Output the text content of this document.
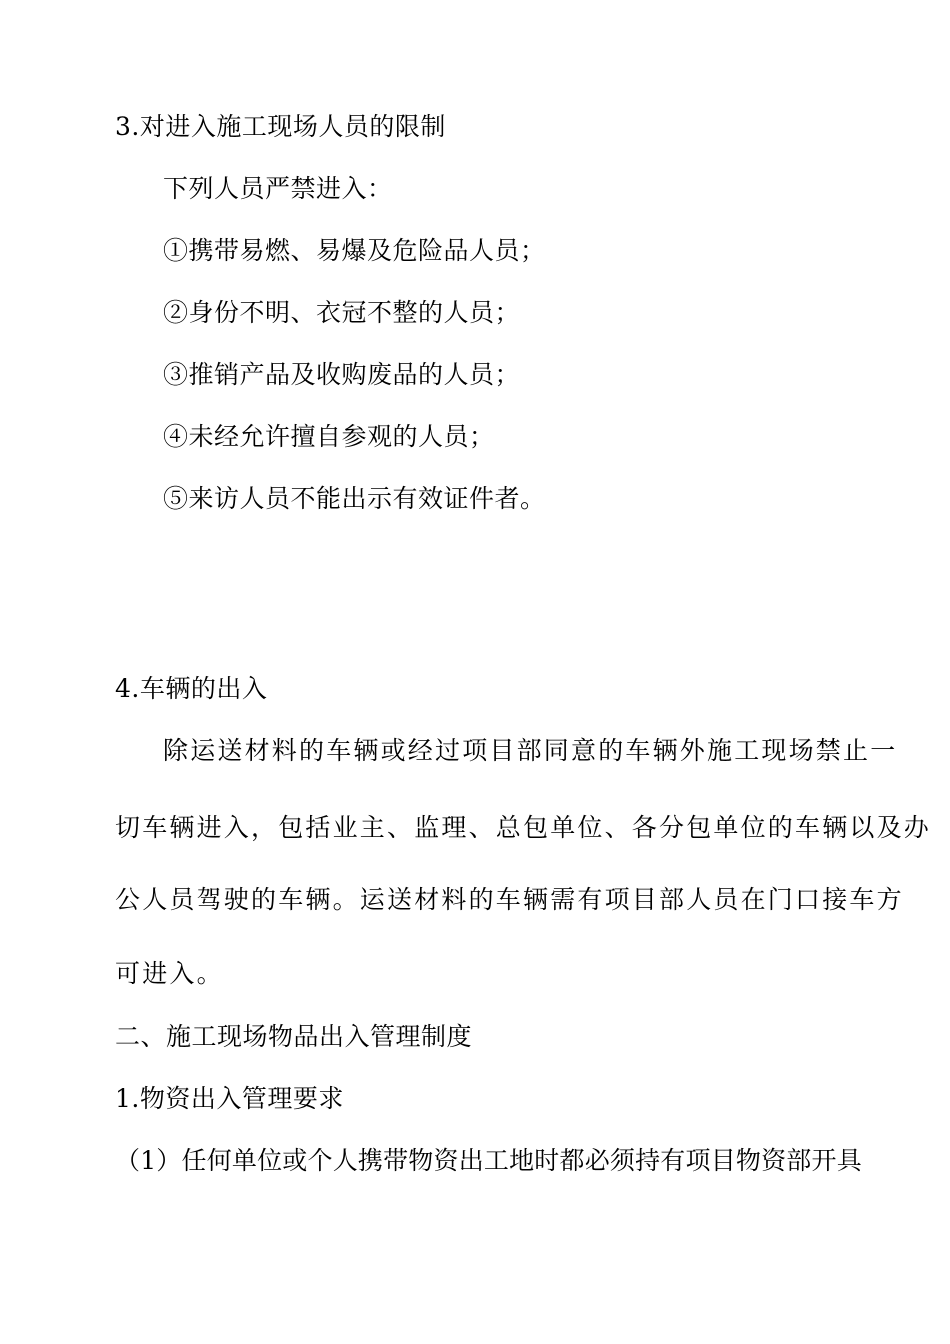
3.对进入施工现场人员的限制
下列人员严禁进入：
①携带易燃、易爆及危险品人员；
②身份不明、衣冠不整的人员；
③推销产品及收购废品的人员；
④未经允许擅自参观的人员；
⑤来访人员不能出示有效证件者。
4.车辆的出入
除运送材料的车辆或经过项目部同意的车辆外施工现场禁止一
切车辆进入，包括业主、监理、总包单位、各分包单位的车辆以及办
公人员驾驶的车辆。运送材料的车辆需有项目部人员在门口接车方
可进入。
二、施工现场物品出入管理制度
1.物资出入管理要求
（1）任何单位或个人携带物资出工地时都必须持有项目物资部开具
